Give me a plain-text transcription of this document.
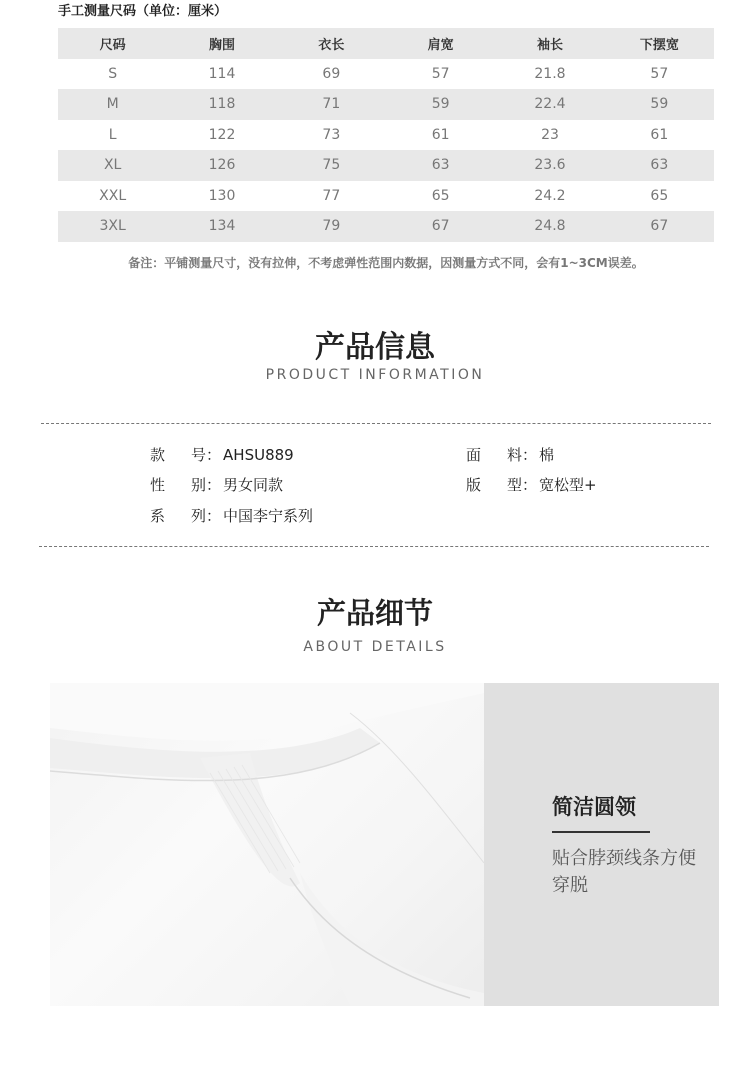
手工测量尺码（单位：厘米）
尺码	胸围	衣长	肩宽	袖长	下摆宽
S	114	69	57	21.8	57
M	118	71	59	22.4	59
L	122	73	61	23	61
XL	126	75	63	23.6	63
XXL	130	77	65	24.2	65
3XL	134	79	67	24.8	67
备注：平铺测量尺寸，没有拉伸，不考虑弹性范围内数据，因测量方式不同，会有1~3CM误差。
产品信息
PRODUCT INFORMATION
款 号 ： AHSU889
性 别 ： 男女同款
系 列 ： 中国李宁系列
面 料 ： 棉
版 型 ： 宽松型+
产品细节
ABOUT DETAILS
简洁圆领
贴合脖颈线条方便穿脱
